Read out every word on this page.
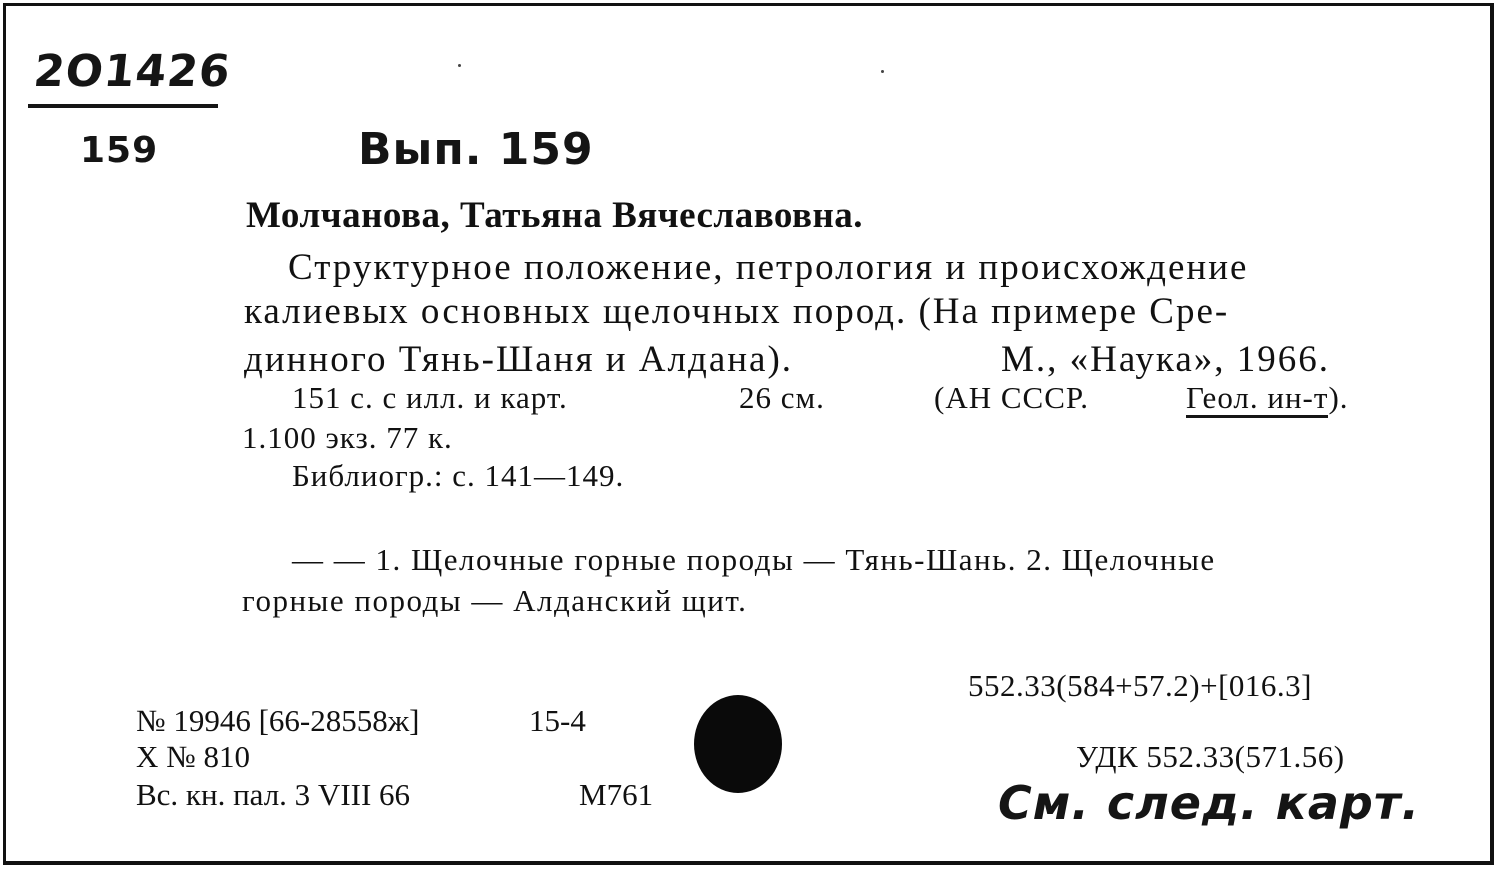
2O1426
159	Вып. 159
Молчанова, Татьяна Вячеславовна.
Структурное положение, петрология и происхождение
калиевых основных щелочных пород. (На примере Сре-
динного Тянь-Шаня и Алдана).	М., «Наука», 1966.
151 с. с илл. и карт.	26 см.	(АН СССР.	Геол. ин-т).
1.100 экз. 77 к.
Библиогр.: с. 141—149.
— — 1. Щелочные горные породы — Тянь-Шань. 2. Щелочные
горные породы — Алданский щит.
552.33(584+57.2)+[016.3]
№ 19946 [66-28558ж]	15-4
Х № 810
Вс. кн. пал. 3 VIII 66	М761
УДК 552.33(571.56)
См. след. карт.
